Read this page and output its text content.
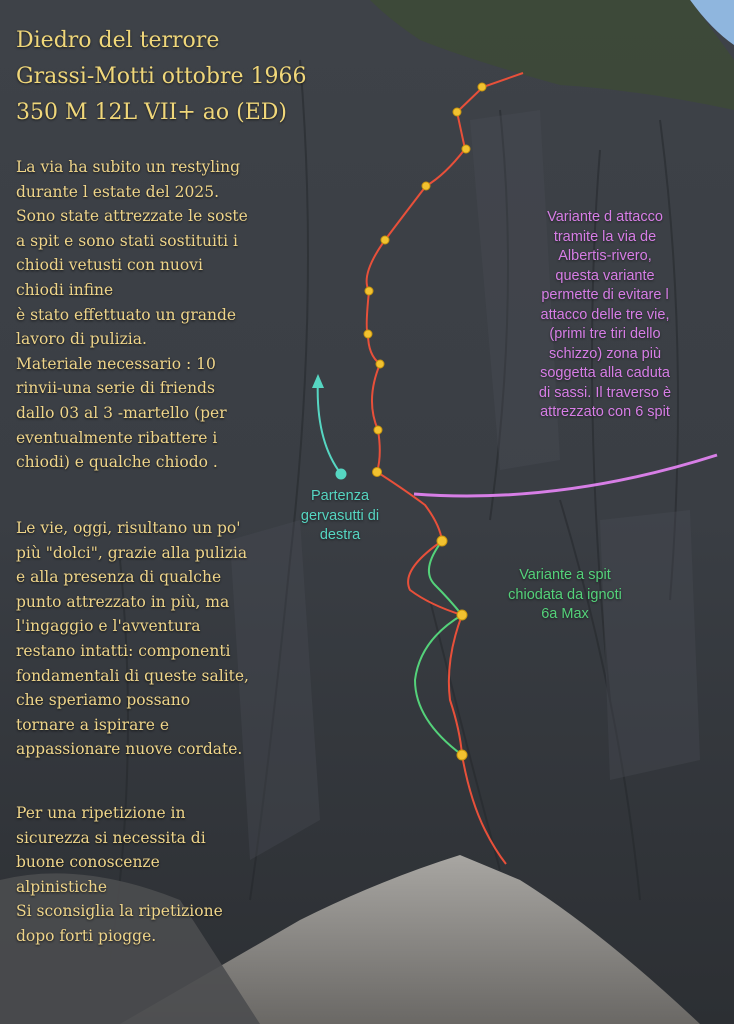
Diedro del terrore
Grassi-Motti ottobre 1966
350 M 12L VII+ ao (ED)
La via ha subito un restyling
durante l estate del 2025.
Sono state attrezzate le soste
a spit e sono stati sostituiti i
chiodi vetusti con nuovi
chiodi infine
è stato effettuato un grande
lavoro di pulizia.
Materiale necessario : 10
rinvii-una serie di friends
dallo 03 al 3 -martello (per
eventualmente ribattere i
chiodi) e qualche chiodo .
Le vie, oggi, risultano un po'
più "dolci", grazie alla pulizia
e alla presenza di qualche
punto attrezzato in più, ma
l'ingaggio e l'avventura
restano intatti: componenti
fondamentali di queste salite,
che speriamo possano
tornare a ispirare e
appassionare nuove cordate.
Per una ripetizione in
sicurezza si necessita di
buone conoscenze
alpinistiche
Si sconsiglia la ripetizione
dopo forti piogge.
Variante d attacco
tramite la via de
Albertis-rivero,
questa variante
permette di evitare l
attacco delle tre vie,
(primi tre tiri dello
schizzo) zona più
soggetta alla caduta
di sassi. Il traverso è
attrezzato con 6 spit
Partenza
gervasutti di
destra
Variante a spit
chiodata da ignoti
6a Max
